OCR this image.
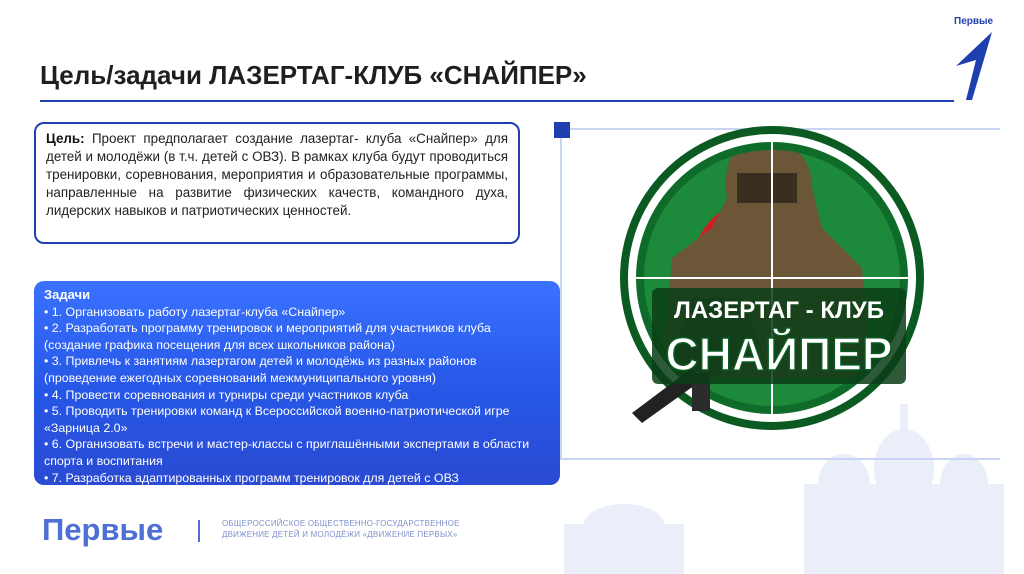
Цель/задачи ЛАЗЕРТАГ-КЛУБ «СНАЙПЕР»
Первые
Цель: Проект предполагает создание лазертаг- клуба «Снайпер» для детей и молодёжи (в т.ч. детей с ОВЗ). В рамках клуба будут проводиться тренировки, соревнования, мероприятия и образовательные программы, направленные на развитие физических качеств, командного духа, лидерских навыков и патриотических ценностей.
Задачи
• 1. Организовать работу лазертаг-клуба «Снайпер»
• 2. Разработать программу тренировок и мероприятий для участников клуба (создание графика посещения для всех школьников района)
• 3. Привлечь к занятиям лазертагом детей и молодёжь из разных районов (проведение ежегодных соревнований межмуниципального уровня)
• 4. Провести соревнования и турниры среди участников клуба
• 5. Проводить тренировки команд к Всероссийской военно-патриотической игре «Зарница 2.0»
• 6. Организовать встречи и мастер-классы с приглашёнными экспертами в области спорта и воспитания
• 7. Разработка адаптированных программ тренировок для детей с ОВЗ
ЛАЗЕРТАГ - КЛУБ
СНАЙПЕР
Первые	ОБЩЕРОССИЙСКОЕ ОБЩЕСТВЕННО-ГОСУДАРСТВЕННОЕ
ДВИЖЕНИЕ ДЕТЕЙ И МОЛОДЁЖИ «ДВИЖЕНИЕ ПЕРВЫХ»
